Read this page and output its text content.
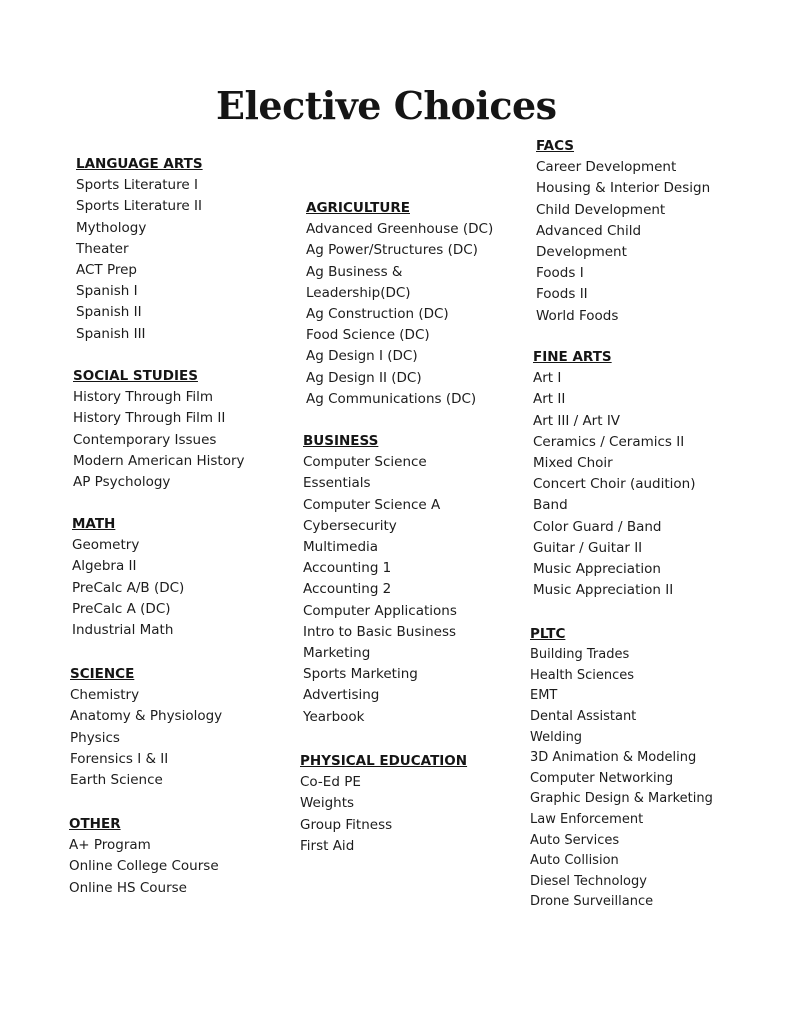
Elective Choices
LANGUAGE ARTS
Sports Literature I
Sports Literature II
Mythology
Theater
ACT Prep
Spanish I
Spanish II
Spanish III
SOCIAL STUDIES
History Through Film
History Through Film II
Contemporary Issues
Modern American History
AP Psychology
MATH
Geometry
Algebra II
PreCalc A/B (DC)
PreCalc A (DC)
Industrial Math
SCIENCE
Chemistry
Anatomy & Physiology
Physics
Forensics I & II
Earth Science
OTHER
A+ Program
Online College Course
Online HS Course
AGRICULTURE
Advanced Greenhouse (DC)
Ag Power/Structures (DC)
Ag Business &
Leadership(DC)
Ag Construction (DC)
Food Science (DC)
Ag Design I (DC)
Ag Design II (DC)
Ag Communications (DC)
BUSINESS
Computer Science
Essentials
Computer Science A
Cybersecurity
Multimedia
Accounting 1
Accounting 2
Computer Applications
Intro to Basic Business
Marketing
Sports Marketing
Advertising
Yearbook
PHYSICAL EDUCATION
Co-Ed PE
Weights
Group Fitness
First Aid
FACS
Career Development
Housing & Interior Design
Child Development
Advanced Child
Development
Foods I
Foods II
World Foods
FINE ARTS
Art I
Art II
Art III / Art IV
Ceramics / Ceramics II
Mixed Choir
Concert Choir (audition)
Band
Color Guard / Band
Guitar / Guitar II
Music Appreciation
Music Appreciation II
PLTC
Building Trades
Health Sciences
EMT
Dental Assistant
Welding
3D Animation & Modeling
Computer Networking
Graphic Design & Marketing
Law Enforcement
Auto Services
Auto Collision
Diesel Technology
Drone Surveillance
